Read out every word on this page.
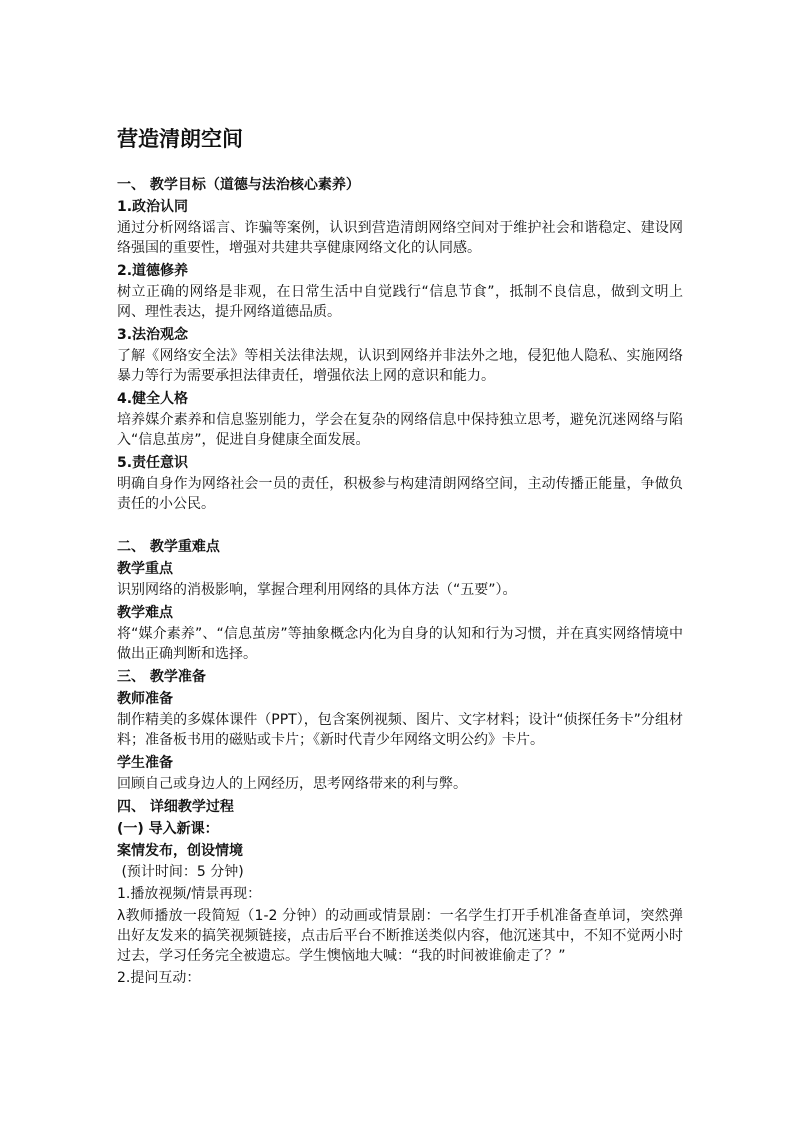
营造清朗空间
一、 教学目标（道德与法治核心素养）
1.政治认同
通过分析网络谣言、诈骗等案例，认识到营造清朗网络空间对于维护社会和谐稳定、建设网络强国的重要性，增强对共建共享健康网络文化的认同感。
2.道德修养
树立正确的网络是非观，在日常生活中自觉践行“信息节食”，抵制不良信息，做到文明上网、理性表达，提升网络道德品质。
3.法治观念
了解《网络安全法》等相关法律法规，认识到网络并非法外之地，侵犯他人隐私、实施网络暴力等行为需要承担法律责任，增强依法上网的意识和能力。
4.健全人格
培养媒介素养和信息鉴别能力，学会在复杂的网络信息中保持独立思考，避免沉迷网络与陷入“信息茧房”，促进自身健康全面发展。
5.责任意识
明确自身作为网络社会一员的责任，积极参与构建清朗网络空间，主动传播正能量，争做负责任的小公民。
二、 教学重难点
教学重点
识别网络的消极影响，掌握合理利用网络的具体方法（“五要”）。
教学难点
将“媒介素养”、“信息茧房”等抽象概念内化为自身的认知和行为习惯，并在真实网络情境中做出正确判断和选择。
三、 教学准备
教师准备
制作精美的多媒体课件（PPT），包含案例视频、图片、文字材料；设计“侦探任务卡”分组材料；准备板书用的磁贴或卡片；《新时代青少年网络文明公约》卡片。
学生准备
回顾自己或身边人的上网经历，思考网络带来的利与弊。
四、 详细教学过程
(一) 导入新课：
案情发布，创设情境
(预计时间：5 分钟)
1.播放视频/情景再现：
λ教师播放一段简短（1-2 分钟）的动画或情景剧：一名学生打开手机准备查单词，突然弹出好友发来的搞笑视频链接，点击后平台不断推送类似内容，他沉迷其中，不知不觉两小时过去，学习任务完全被遗忘。学生懊恼地大喊：“我的时间被谁偷走了？”
2.提问互动：
